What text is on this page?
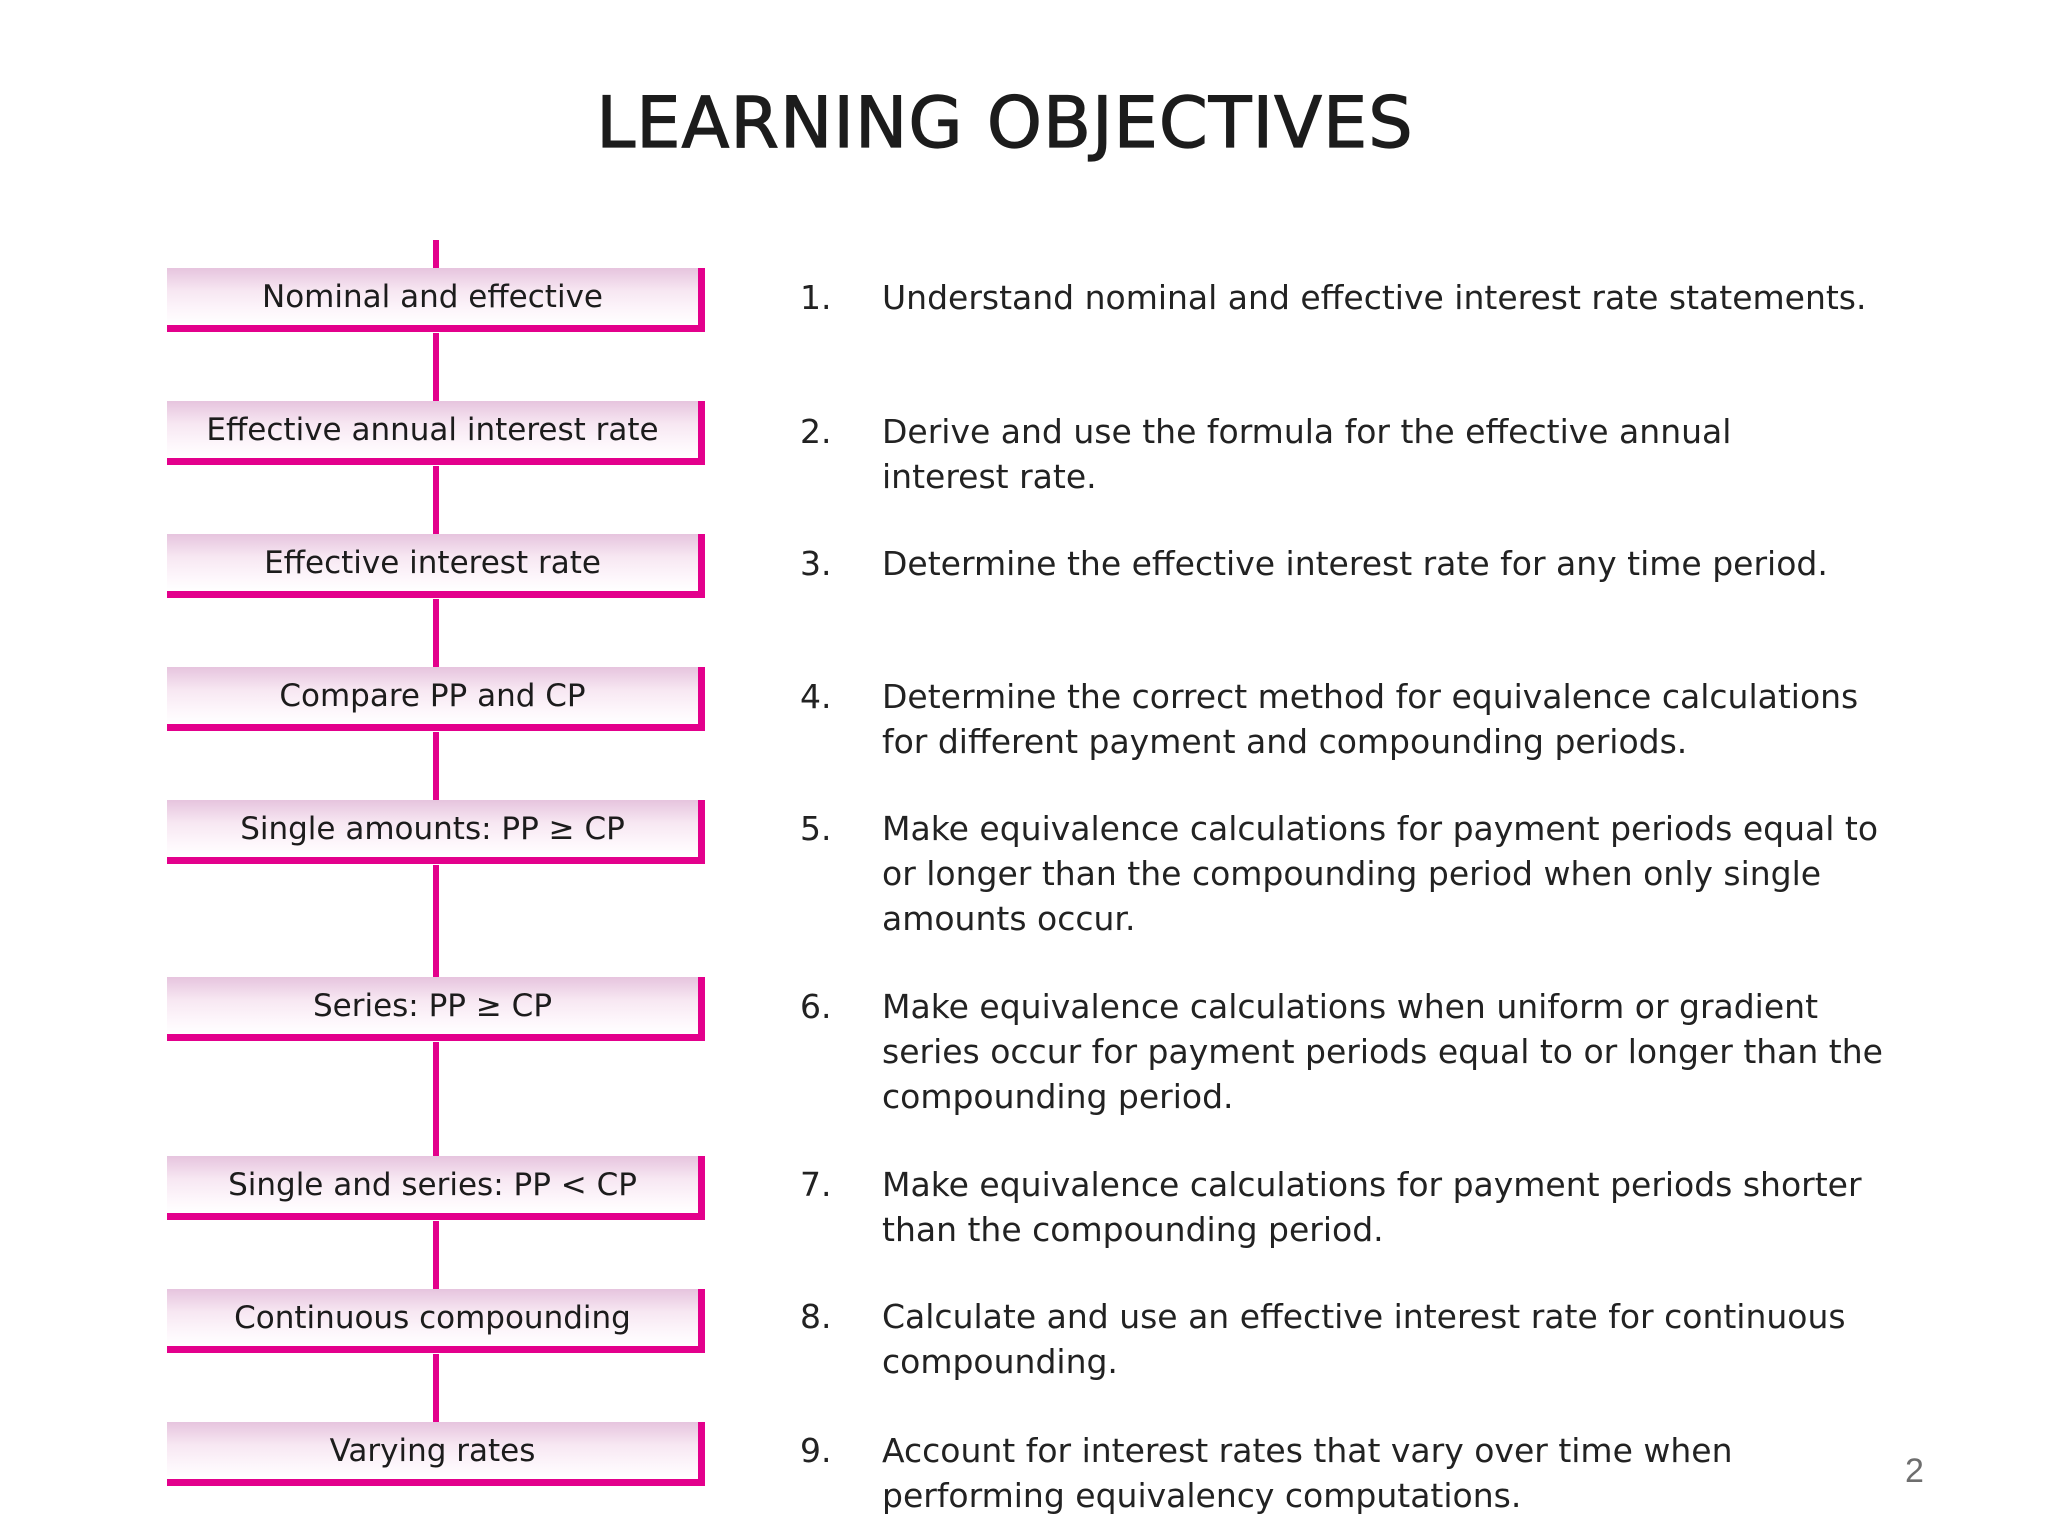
LEARNING OBJECTIVES
Nominal and effective
Effective annual interest rate
Effective interest rate
Compare PP and CP
Single amounts: PP ≥ CP
Series: PP ≥ CP
Single and series: PP < CP
Continuous compounding
Varying rates
1.	Understand nominal and effective interest rate statements.
2.	Derive and use the formula for the effective annual interest rate.
3.	Determine the effective interest rate for any time period.
4.	Determine the correct method for equivalence calculations for different payment and compounding periods.
5.	Make equivalence calculations for payment periods equal to or longer than the compounding period when only single amounts occur.
6.	Make equivalence calculations when uniform or gradient series occur for payment periods equal to or longer than the compounding period.
7.	Make equivalence calculations for payment periods shorter than the compounding period.
8.	Calculate and use an effective interest rate for continuous compounding.
9.	Account for interest rates that vary over time when performing equivalency computations.
2
